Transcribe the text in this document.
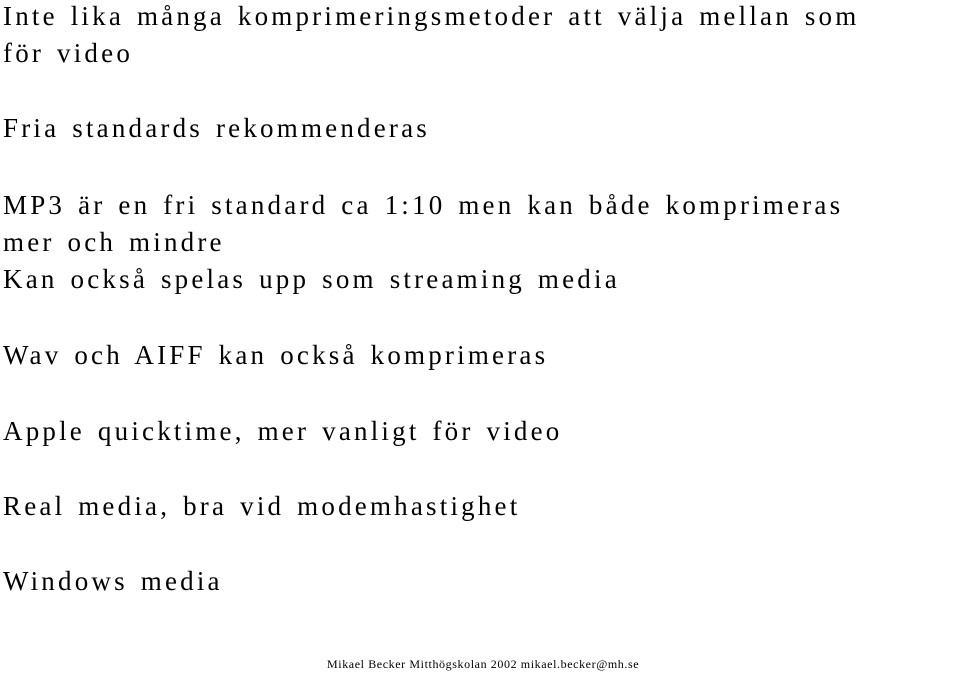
Inte lika många komprimeringsmetoder att välja mellan som
för video
Fria standards rekommenderas
MP3 är en fri standard ca 1:10 men kan både komprimeras
mer och mindre
Kan också spelas upp som streaming media
Wav och AIFF kan också komprimeras
Apple quicktime, mer vanligt för video
Real media, bra vid modemhastighet
Windows media
Mikael Becker Mitthögskolan 2002 mikael.becker@mh.se
